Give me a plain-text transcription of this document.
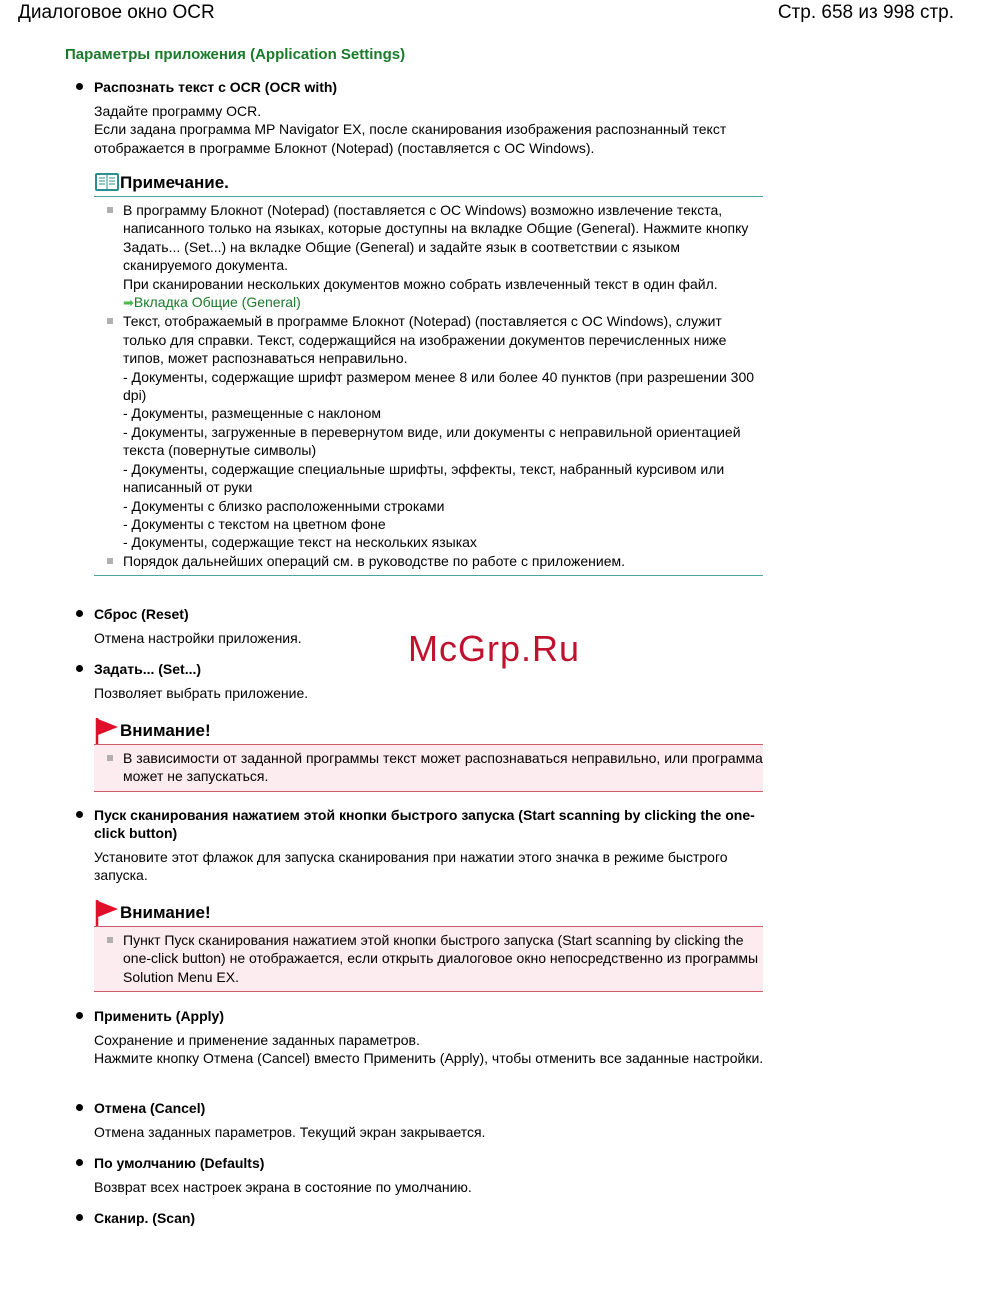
Диалоговое окно OCR	Стр. 658 из 998 стр.
Параметры приложения (Application Settings)
Распознать текст с OCR (OCR with)
Задайте программу OCR.
Если задана программа MP Navigator EX, после сканирования изображения распознанный текст отображается в программе Блокнот (Notepad) (поставляется с ОС Windows).
Примечание.
В программу Блокнот (Notepad) (поставляется с ОС Windows) возможно извлечение текста, написанного только на языках, которые доступны на вкладке Общие (General). Нажмите кнопку Задать... (Set...) на вкладке Общие (General) и задайте язык в соответствии с языком сканируемого документа.
При сканировании нескольких документов можно собрать извлеченный текст в один файл.
➡Вкладка Общие (General)
Текст, отображаемый в программе Блокнот (Notepad) (поставляется с ОС Windows), служит только для справки. Текст, содержащийся на изображении документов перечисленных ниже типов, может распознаваться неправильно.
- Документы, содержащие шрифт размером менее 8 или более 40 пунктов (при разрешении 300 dpi)
- Документы, размещенные с наклоном
- Документы, загруженные в перевернутом виде, или документы с неправильной ориентацией текста (повернутые символы)
- Документы, содержащие специальные шрифты, эффекты, текст, набранный курсивом или написанный от руки
- Документы с близко расположенными строками
- Документы с текстом на цветном фоне
- Документы, содержащие текст на нескольких языках
Порядок дальнейших операций см. в руководстве по работе с приложением.
Сброс (Reset)
Отмена настройки приложения.
Задать... (Set...)
Позволяет выбрать приложение.
McGrp.Ru
Внимание!
В зависимости от заданной программы текст может распознаваться неправильно, или программа может не запускаться.
Пуск сканирования нажатием этой кнопки быстрого запуска (Start scanning by clicking the one-click button)
Установите этот флажок для запуска сканирования при нажатии этого значка в режиме быстрого запуска.
Внимание!
Пункт Пуск сканирования нажатием этой кнопки быстрого запуска (Start scanning by clicking the one-click button) не отображается, если открыть диалоговое окно непосредственно из программы Solution Menu EX.
Применить (Apply)
Сохранение и применение заданных параметров.
Нажмите кнопку Отмена (Cancel) вместо Применить (Apply), чтобы отменить все заданные настройки.
Отмена (Cancel)
Отмена заданных параметров. Текущий экран закрывается.
По умолчанию (Defaults)
Возврат всех настроек экрана в состояние по умолчанию.
Сканир. (Scan)
